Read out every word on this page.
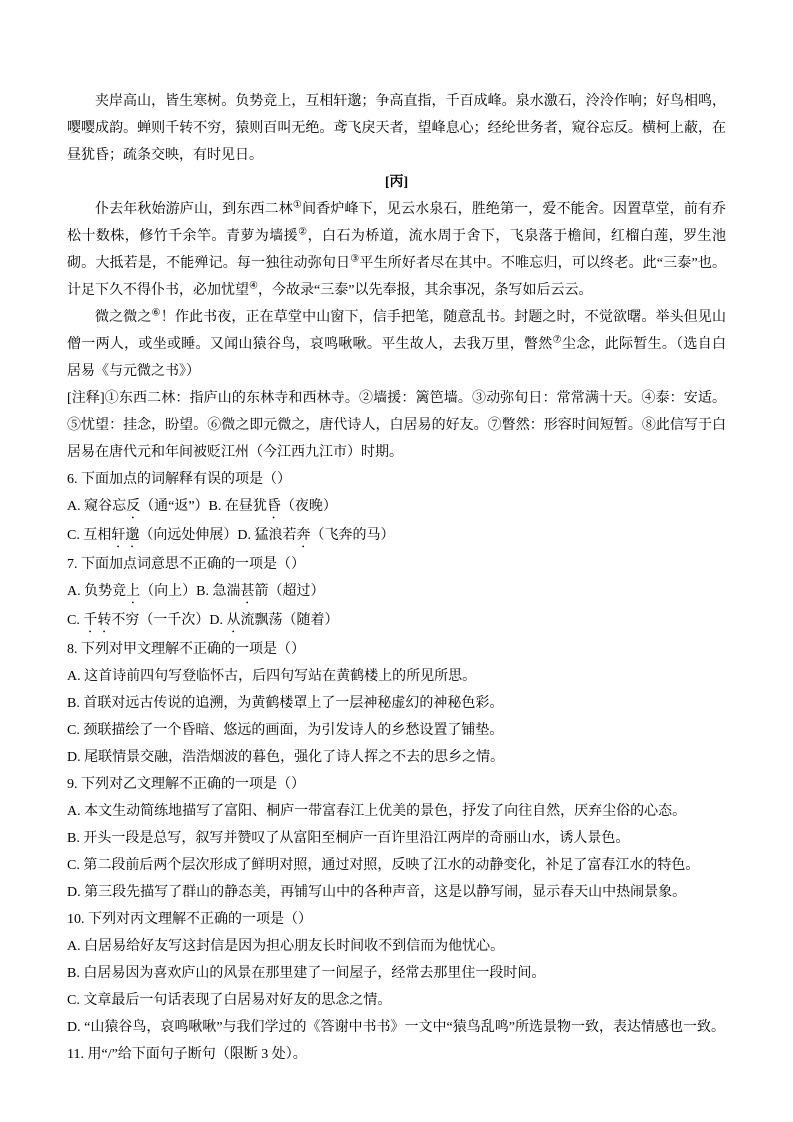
夹岸高山，皆生寒树。负势竞上，互相轩邈；争高直指，千百成峰。泉水激石，泠泠作响；好鸟相鸣，嘤嘤成韵。蝉则千转不穷，猿则百叫无绝。鸢飞戾天者，望峰息心；经纶世务者，窥谷忘反。横柯上蔽，在昼犹昏；疏条交映，有时见日。
[丙]
仆去年秋始游庐山，到东西二林①间香炉峰下，见云水泉石，胜绝第一，爱不能舍。因置草堂，前有乔松十数株，修竹千余竿。青萝为墙援②，白石为桥道，流水周于舍下，飞泉落于檐间，红榴白莲，罗生池砌。大抵若是，不能殚记。每一独往动弥旬日③平生所好者尽在其中。不唯忘归，可以终老。此“三泰”也。计足下久不得仆书，必加忧望④，今故录“三泰”以先奉报，其余事况，条写如后云云。
微之微之⑥！作此书夜，正在草堂中山窗下，信手把笔，随意乱书。封题之时，不觉欲曙。举头但见山僧一两人，或坐或睡。又闻山猿谷鸟，哀鸣啾啾。平生故人，去我万里，瞥然⑦尘念，此际暂生。（选自白居易《与元微之书》）
[注释]①东西二林：指庐山的东林寺和西林寺。②墙援：篱笆墙。③动弥旬日：常常满十天。④泰：安适。⑤忧望：挂念，盼望。⑥微之即元微之，唐代诗人，白居易的好友。⑦瞥然：形容时间短暂。⑧此信写于白居易在唐代元和年间被贬江州（今江西九江市）时期。
6. 下面加点的词解释有误的项是（）
A. 窥谷忘反（通“返”）B. 在昼犹昏（夜晚）
C. 互相轩邈（向远处伸展）D. 猛浪若奔（飞奔的马）
7. 下面加点词意思不正确的一项是（）
A. 负势竞上（向上）B. 急湍甚箭（超过）
C. 千转不穷（一千次）D. 从流飘荡（随着）
8. 下列对甲文理解不正确的一项是（）
A. 这首诗前四句写登临怀古，后四句写站在黄鹤楼上的所见所思。
B. 首联对远古传说的追溯，为黄鹤楼罩上了一层神秘虚幻的神秘色彩。
C. 颈联描绘了一个昏暗、悠远的画面，为引发诗人的乡愁设置了铺垫。
D. 尾联情景交融，浩浩烟波的暮色，强化了诗人挥之不去的思乡之情。
9. 下列对乙文理解不正确的一项是（）
A. 本文生动简练地描写了富阳、桐庐一带富春江上优美的景色，抒发了向往自然，厌弃尘俗的心态。
B. 开头一段是总写，叙写并赞叹了从富阳至桐庐一百许里沿江两岸的奇丽山水，诱人景色。
C. 第二段前后两个层次形成了鲜明对照，通过对照，反映了江水的动静变化，补足了富春江水的特色。
D. 第三段先描写了群山的静态美，再铺写山中的各种声音，这是以静写闹，显示春天山中热闹景象。
10. 下列对丙文理解不正确的一项是（）
A. 白居易给好友写这封信是因为担心朋友长时间收不到信而为他忧心。
B. 白居易因为喜欢庐山的风景在那里建了一间屋子，经常去那里住一段时间。
C. 文章最后一句话表现了白居易对好友的思念之情。
D. “山猿谷鸟，哀鸣啾啾”与我们学过的《答谢中书书》一文中“猿鸟乱鸣”所选景物一致，表达情感也一致。
11. 用“/”给下面句子断句（限断 3 处）。
